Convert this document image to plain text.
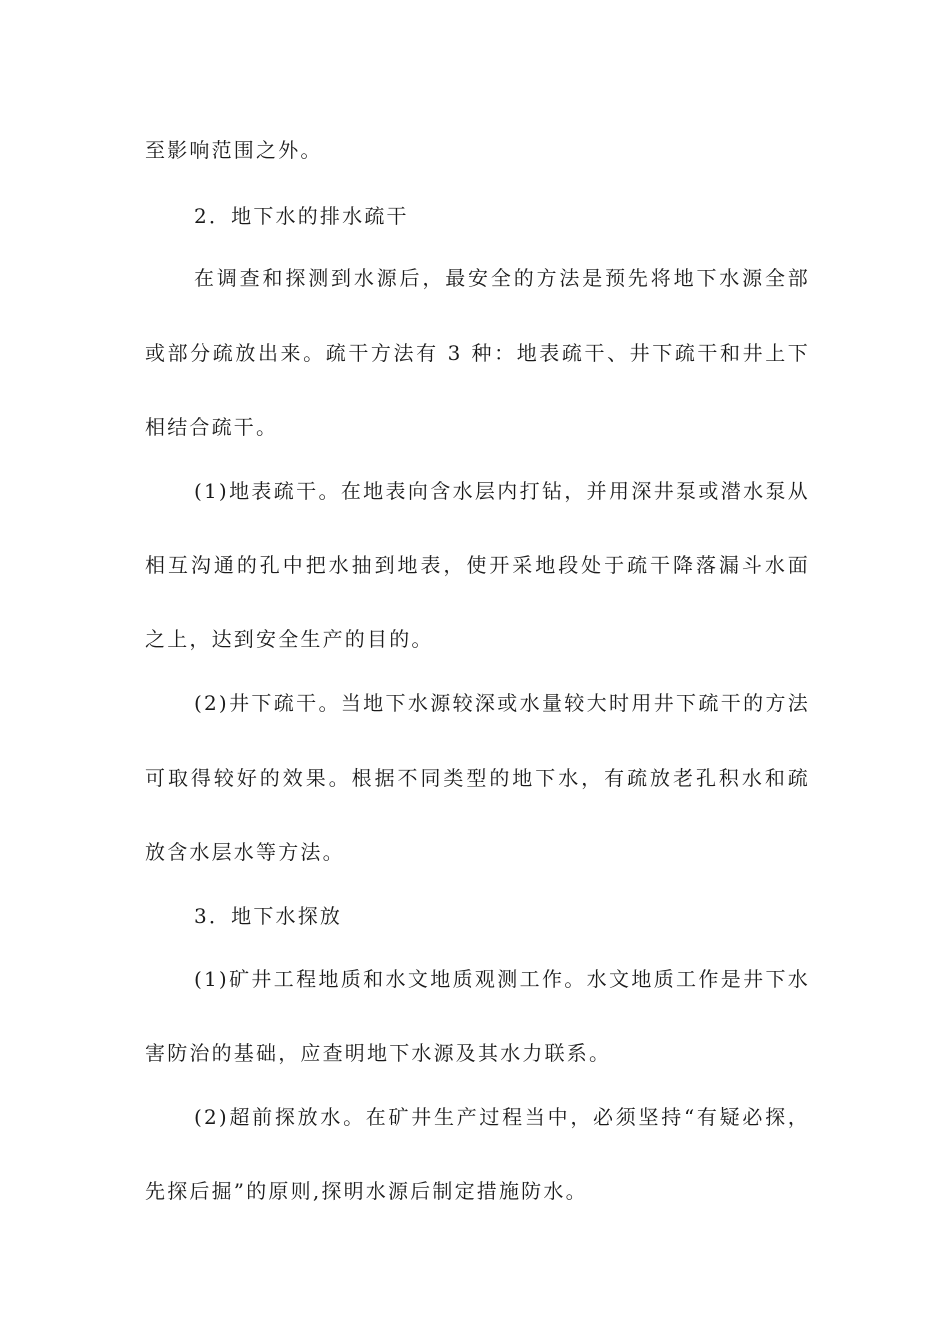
至影响范围之外。
2．地下水的排水疏干
在调查和探测到水源后，最安全的方法是预先将地下水源全部
或部分疏放出来。疏干方法有 3 种：地表疏干、井下疏干和井上下
相结合疏干。
(1)地表疏干。在地表向含水层内打钻，并用深井泵或潜水泵从
相互沟通的孔中把水抽到地表，使开采地段处于疏干降落漏斗水面
之上，达到安全生产的目的。
(2)井下疏干。当地下水源较深或水量较大时用井下疏干的方法
可取得较好的效果。根据不同类型的地下水，有疏放老孔积水和疏
放含水层水等方法。
3．地下水探放
(1)矿井工程地质和水文地质观测工作。水文地质工作是井下水
害防治的基础，应查明地下水源及其水力联系。
(2)超前探放水。在矿井生产过程当中，必须坚持“有疑必探，
先探后掘”的原则,探明水源后制定措施防水。
